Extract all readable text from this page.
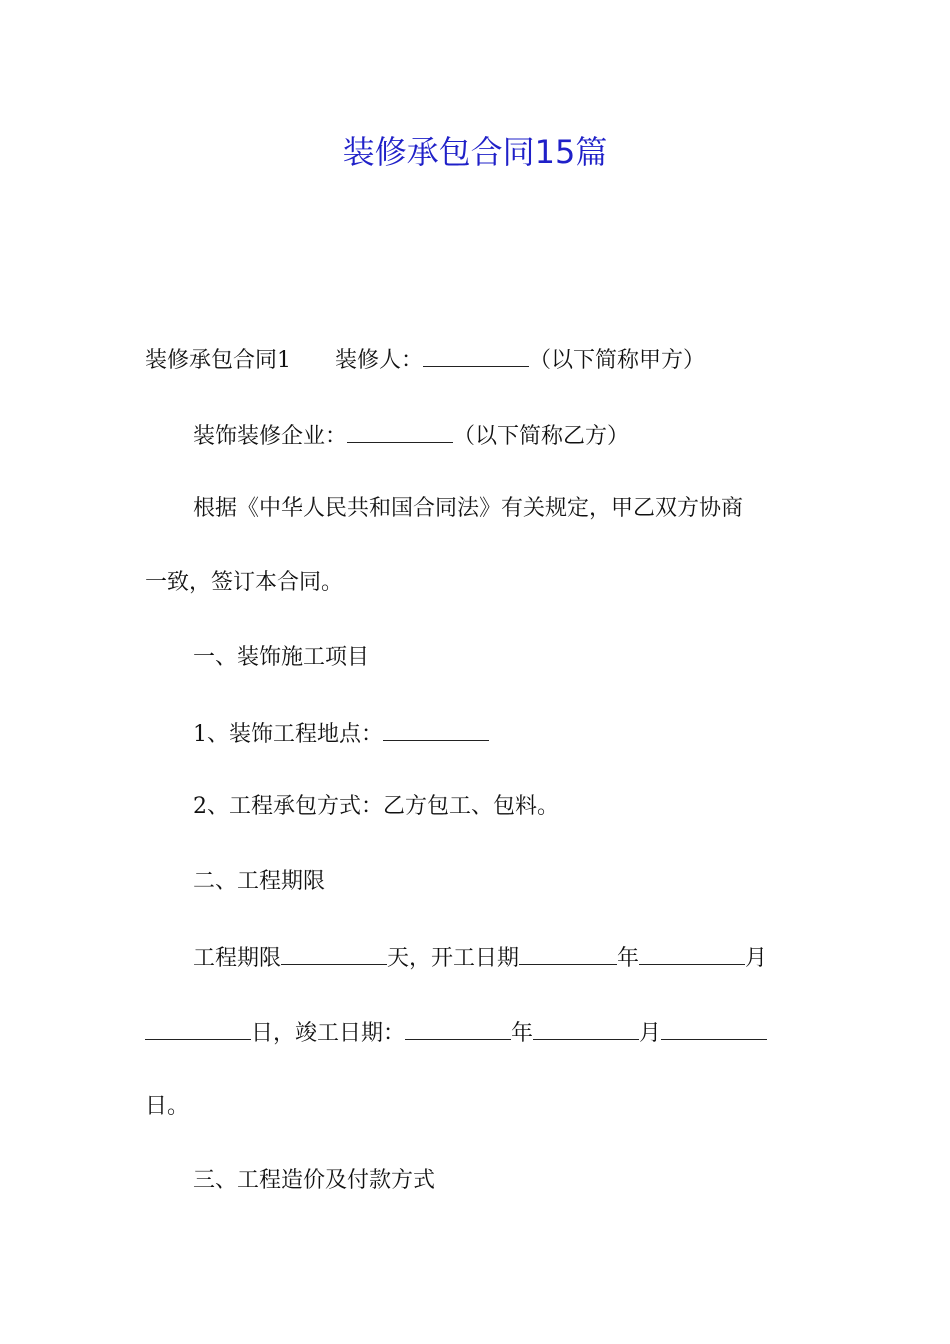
装修承包合同15篇
装修承包合同1 装修人：	（以下简称甲方）
装饰装修企业：	（以下简称乙方）
根据《中华人民共和国合同法》有关规定，甲乙双方协商
一致，签订本合同。
一、装饰施工项目
1、装饰工程地点：
2、工程承包方式：乙方包工、包料。
二、工程期限
工程期限	天，开工日期	年	月
日，竣工日期：	年	月
日。
三、工程造价及付款方式
